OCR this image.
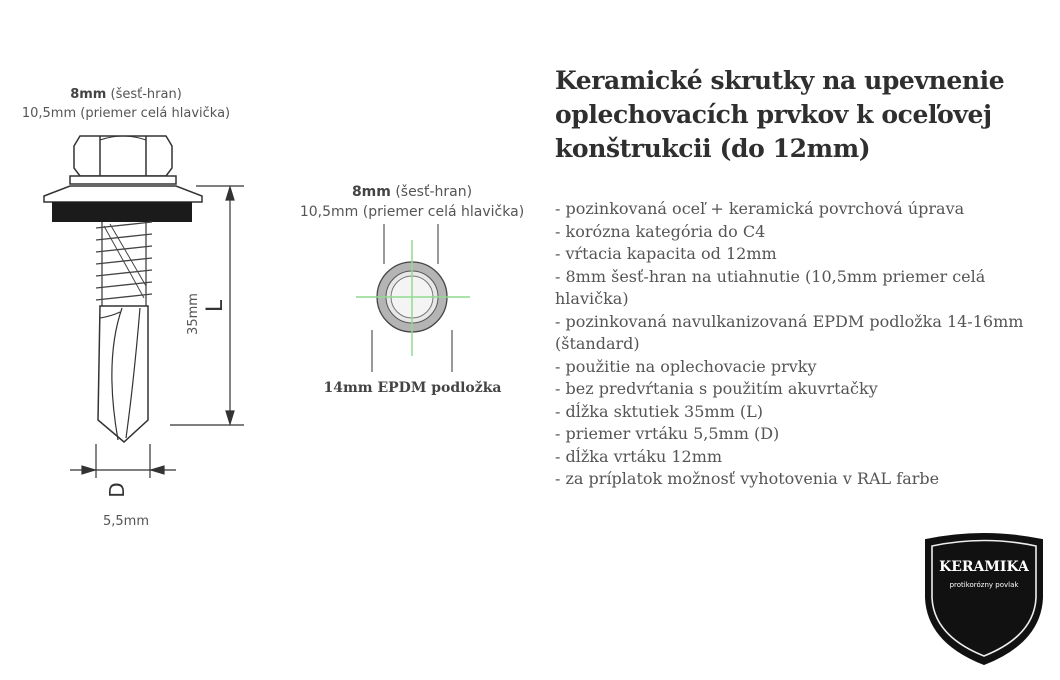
8mm (šesť-hran)
10,5mm (priemer celá hlavička)
35mm L
D
5,5mm
8mm (šesť-hran)
10,5mm (priemer celá hlavička)
14mm EPDM podložka
Keramické skrutky na upevnenie oplechovacích prvkov k oceľovej konštrukcii (do 12mm)
- pozinkovaná oceľ + keramická povrchová úprava
- korózna kategória do C4
- vŕtacia kapacita od 12mm
- 8mm šesť-hran na utiahnutie (10,5mm priemer celá hlavička)
- pozinkovaná navulkanizovaná EPDM podložka 14-16mm (štandard)
- použitie na oplechovacie prvky
- bez predvŕtania s použitím akuvrtačky
- dĺžka sktutiek 35mm (L)
- priemer vrtáku 5,5mm (D)
- dĺžka vrtáku 12mm
- za príplatok možnosť vyhotovenia v RAL farbe
KERAMIKA
protikorózny povlak
